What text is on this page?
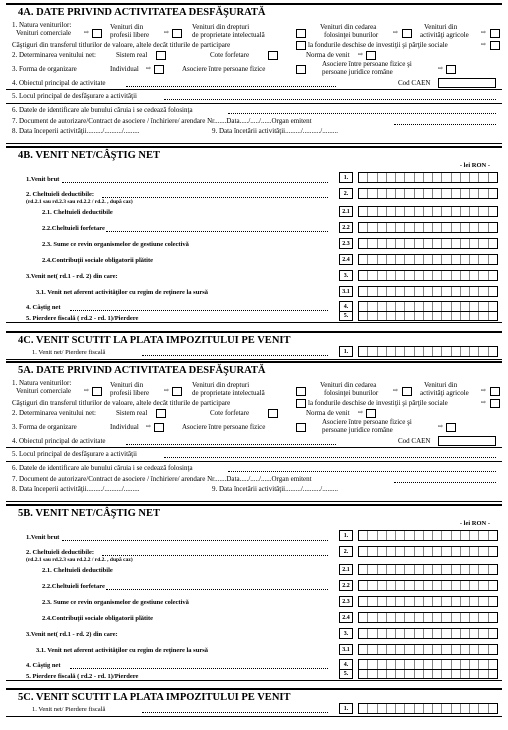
4A. DATE PRIVIND ACTIVITATEA DESFĂŞURATĂ
1. Natura veniturilor:
Venituri comerciale ⇨
Venituri din
profesii libere ⇨
Venituri din drepturi
de proprietate intelectuală
Venituri din cedarea
folosinţei bunurilor ⇨
Venituri din
activităţi agricole ⇨
Câştiguri din transferul titlurilor de valoare, altele decât titlurile de participare	la fondurile deschise de investiţii şi părţile sociale	⇨
2. Determinarea venitului net:	Sistem real	Cote forfetare	Norma de venit ⇨
3. Forma de organizare	Individual ⇨	Asociere între persoane fizice
Asociere între persoane fizice şi
persoane juridice române	⇨
4. Obiectul principal de activitate	Cod CAEN
5. Locul principal de desfăşurare a activităţii
6. Datele de identificare ale bunului căruia i se cedează folosinţa
7. Document de autorizare/Contract de asociere / închiriere/ arendare Nr.......Data...../...../......Organ emitent
8. Data începerii activităţii........./........../.........	9. Data încetării activităţii........./........../.........
4B. VENIT NET/CÂŞTIG NET
- lei RON -
1.Venit brut	1.
2. Cheltuieli deductibile:
(rd.2.1 sau rd.2.3 sau rd.2.2 / rd.2. , după caz)
2.
2.1. Cheltuieli deductibile	2.1
2.2.Cheltuieli forfetare	2.2
2.3. Sume ce revin organismelor de gestiune colectivă	2.3
2.4.Contribuţii sociale obligatorii plătite	2.4
3.Venit net( rd.1 - rd. 2) din care:	3.
3.1. Venit net aferent activităţilor cu regim de reţinere la sursă	3.1
4. Câştig net	4.
5. Pierdere fiscală ( rd.2 - rd. 1)/Pierdere	5.
4C. VENIT SCUTIT LA PLATA IMPOZITULUI PE VENIT
1. Venit net/ Pierdere fiscală	1.
5A. DATE PRIVIND ACTIVITATEA DESFĂŞURATĂ
1. Natura veniturilor:
Venituri comerciale ⇨
Venituri din
profesii libere ⇨
Venituri din drepturi
de proprietate intelectuală
Venituri din cedarea
folosinţei bunurilor ⇨
Venituri din
activităţi agricole ⇨
Câştiguri din transferul titlurilor de valoare, altele decât titlurile de participare	la fondurile deschise de investiţii şi părţile sociale	⇨
2. Determinarea venitului net:	Sistem real	Cote forfetare	Norma de venit ⇨
3. Forma de organizare	Individual ⇨	Asociere între persoane fizice
Asociere între persoane fizice şi
persoane juridice române	⇨
4. Obiectul principal de activitate	Cod CAEN
5. Locul principal de desfăşurare a activităţii
6. Datele de identificare ale bunului căruia i se cedează folosinţa
7. Document de autorizare/Contract de asociere / închiriere/ arendare Nr.......Data...../...../......Organ emitent
8. Data începerii activităţii........./........../.........	9. Data încetării activităţii........./........../.........
5B. VENIT NET/CÂŞTIG NET
- lei RON -
1.Venit brut	1.
2. Cheltuieli deductibile:
(rd.2.1 sau rd.2.3 sau rd.2.2 / rd.2. , după caz)
2.
2.1. Cheltuieli deductibile	2.1
2.2.Cheltuieli forfetare	2.2
2.3. Sume ce revin organismelor de gestiune colectivă	2.3
2.4.Contribuţii sociale obligatorii plătite	2.4
3.Venit net( rd.1 - rd. 2) din care:	3.
3.1. Venit net aferent activităţilor cu regim de reţinere la sursă	3.1
4. Câştig net	4.
5. Pierdere fiscală ( rd.2 - rd. 1)/Pierdere	5.
5C. VENIT SCUTIT LA PLATA IMPOZITULUI PE VENIT
1. Venit net/ Pierdere fiscală	1.
